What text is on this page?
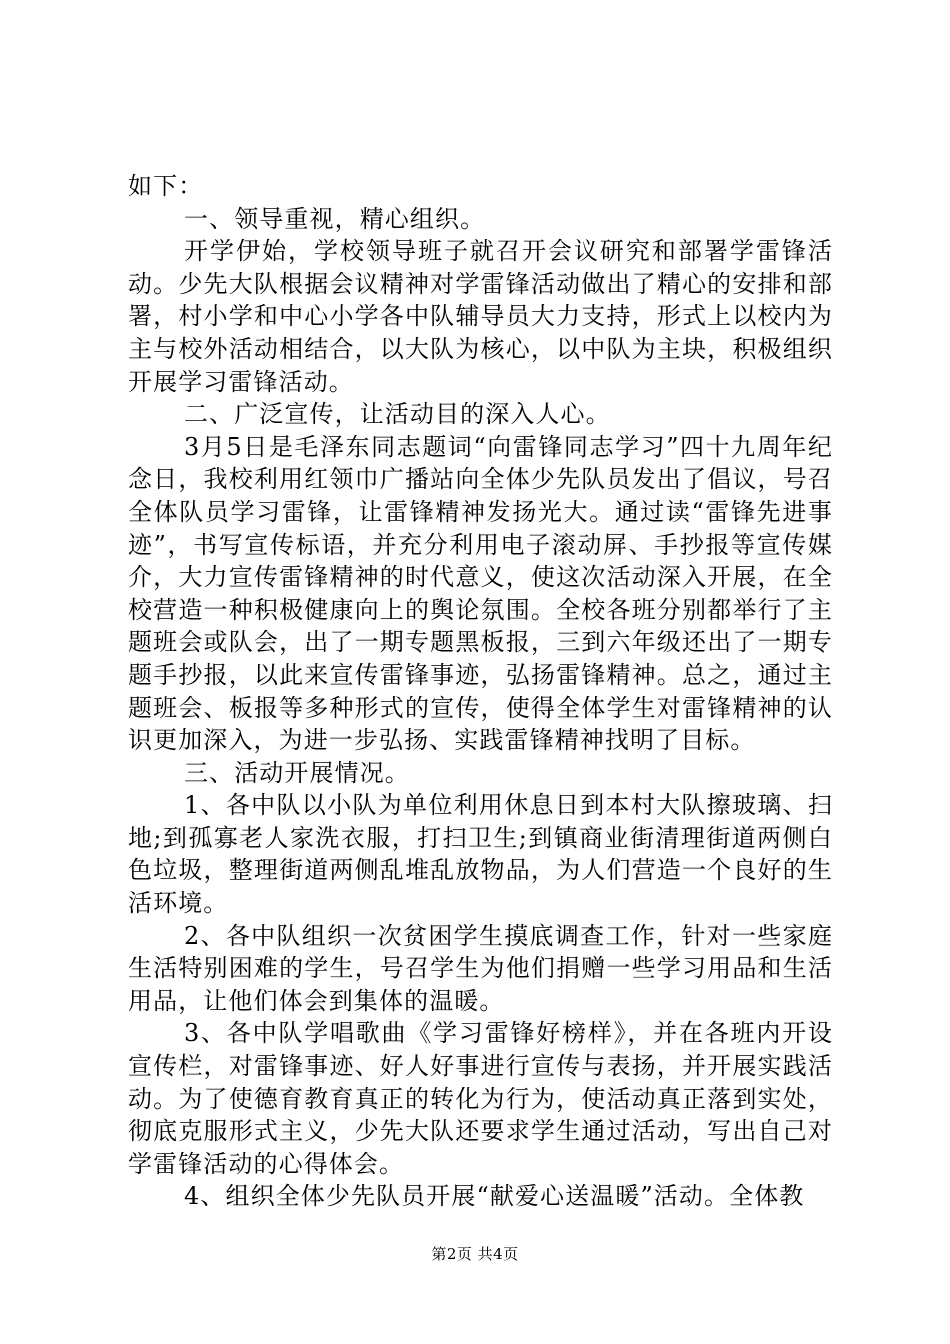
如下：

一、领导重视，精心组织。

开学伊始，学校领导班子就召开会议研究和部署学雷锋活动。少先大队根据会议精神对学雷锋活动做出了精心的安排和部署，村小学和中心小学各中队辅导员大力支持，形式上以校内为主与校外活动相结合，以大队为核心，以中队为主块，积极组织开展学习雷锋活动。

二、广泛宣传，让活动目的深入人心。

3月5日是毛泽东同志题词“向雷锋同志学习”四十九周年纪念日，我校利用红领巾广播站向全体少先队员发出了倡议，号召全体队员学习雷锋，让雷锋精神发扬光大。通过读“雷锋先进事迹”，书写宣传标语，并充分利用电子滚动屏、手抄报等宣传媒介，大力宣传雷锋精神的时代意义，使这次活动深入开展，在全校营造一种积极健康向上的舆论氛围。全校各班分别都举行了主题班会或队会，出了一期专题黑板报，三到六年级还出了一期专题手抄报，以此来宣传雷锋事迹，弘扬雷锋精神。总之，通过主题班会、板报等多种形式的宣传，使得全体学生对雷锋精神的认识更加深入，为进一步弘扬、实践雷锋精神找明了目标。

三、活动开展情况。

1、各中队以小队为单位利用休息日到本村大队擦玻璃、扫地;到孤寡老人家洗衣服，打扫卫生;到镇商业街清理街道两侧白色垃圾，整理街道两侧乱堆乱放物品，为人们营造一个良好的生活环境。

2、各中队组织一次贫困学生摸底调查工作，针对一些家庭生活特别困难的学生，号召学生为他们捐赠一些学习用品和生活用品，让他们体会到集体的温暖。

3、各中队学唱歌曲《学习雷锋好榜样》，并在各班内开设宣传栏，对雷锋事迹、好人好事进行宣传与表扬，并开展实践活动。为了使德育教育真正的转化为行为，使活动真正落到实处，彻底克服形式主义，少先大队还要求学生通过活动，写出自己对学雷锋活动的心得体会。

4、组织全体少先队员开展“献爱心送温暖”活动。全体教

第2页 共4页
